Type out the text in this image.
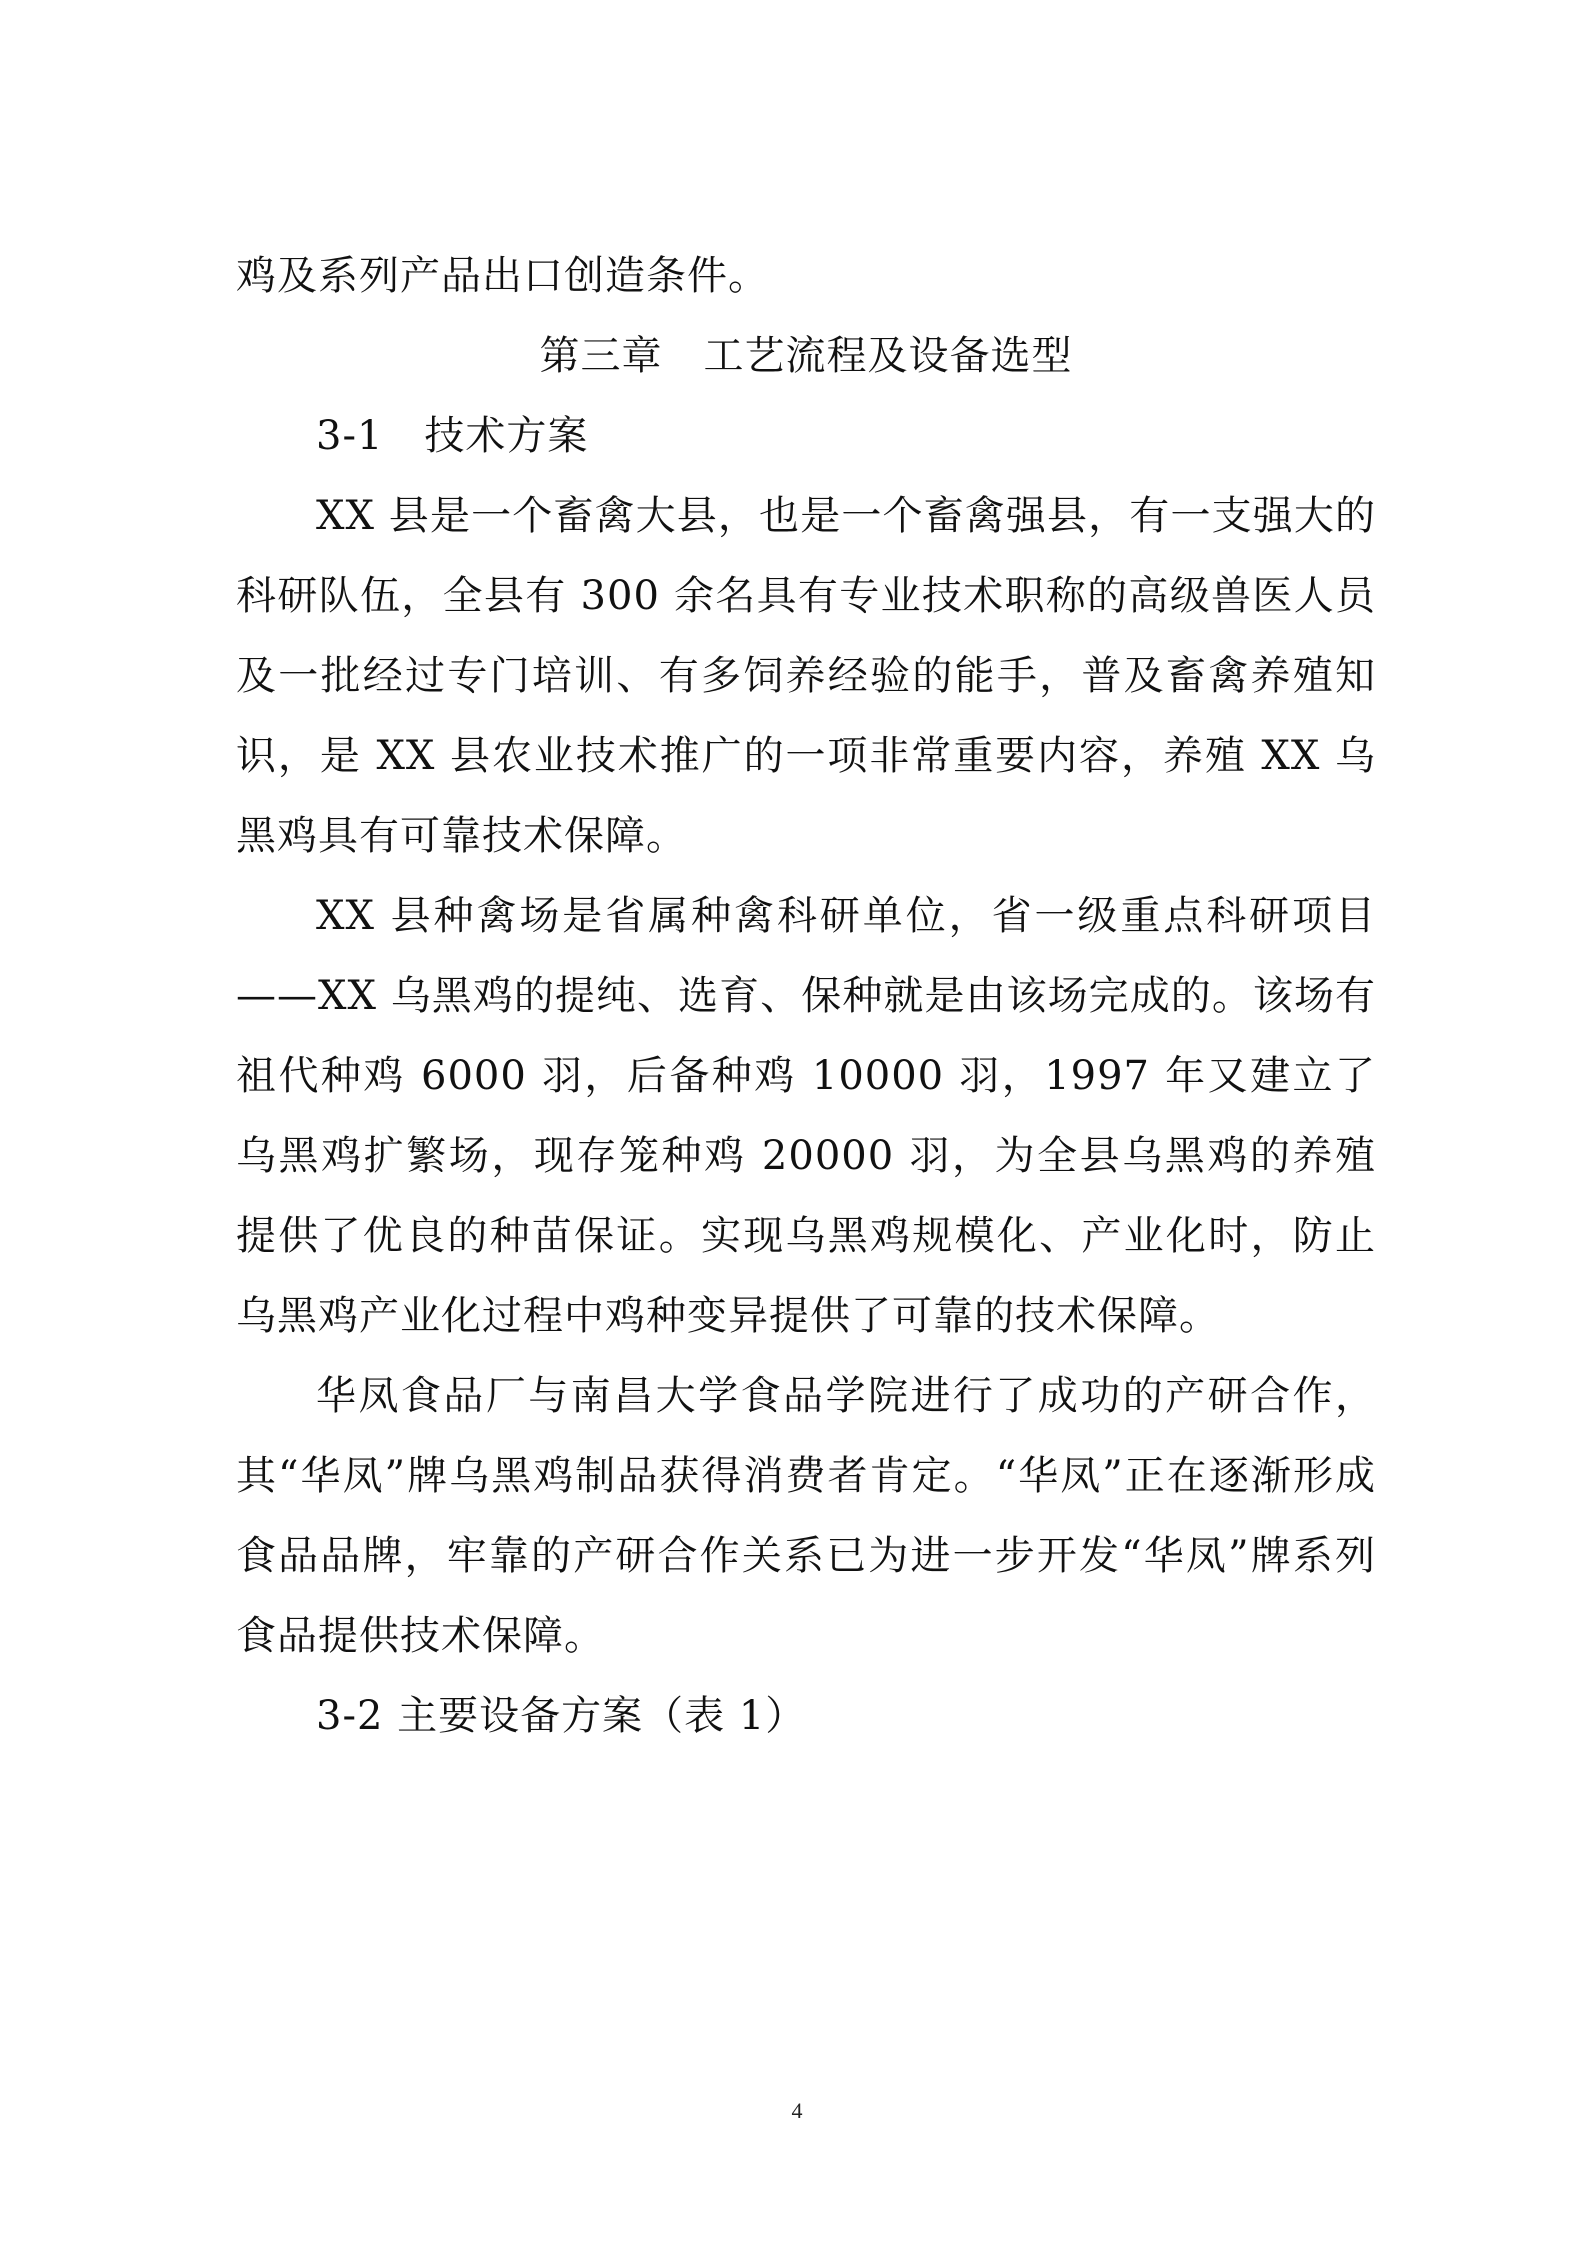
鸡及系列产品出口创造条件。

第三章　工艺流程及设备选型

3-1　技术方案

XX 县是一个畜禽大县，也是一个畜禽强县，有一支强大的科研队伍，全县有 300 余名具有专业技术职称的高级兽医人员及一批经过专门培训、有多饲养经验的能手，普及畜禽养殖知识，是 XX 县农业技术推广的一项非常重要内容，养殖 XX 乌黑鸡具有可靠技术保障。

XX 县种禽场是省属种禽科研单位，省一级重点科研项目——XX 乌黑鸡的提纯、选育、保种就是由该场完成的。该场有祖代种鸡 6000 羽，后备种鸡 10000 羽，1997 年又建立了乌黑鸡扩繁场，现存笼种鸡 20000 羽，为全县乌黑鸡的养殖提供了优良的种苗保证。实现乌黑鸡规模化、产业化时，防止乌黑鸡产业化过程中鸡种变异提供了可靠的技术保障。

华凤食品厂与南昌大学食品学院进行了成功的产研合作，其“华凤”牌乌黑鸡制品获得消费者肯定。“华凤”正在逐渐形成食品品牌，牢靠的产研合作关系已为进一步开发“华凤”牌系列食品提供技术保障。

3-2 主要设备方案（表 1）

4
